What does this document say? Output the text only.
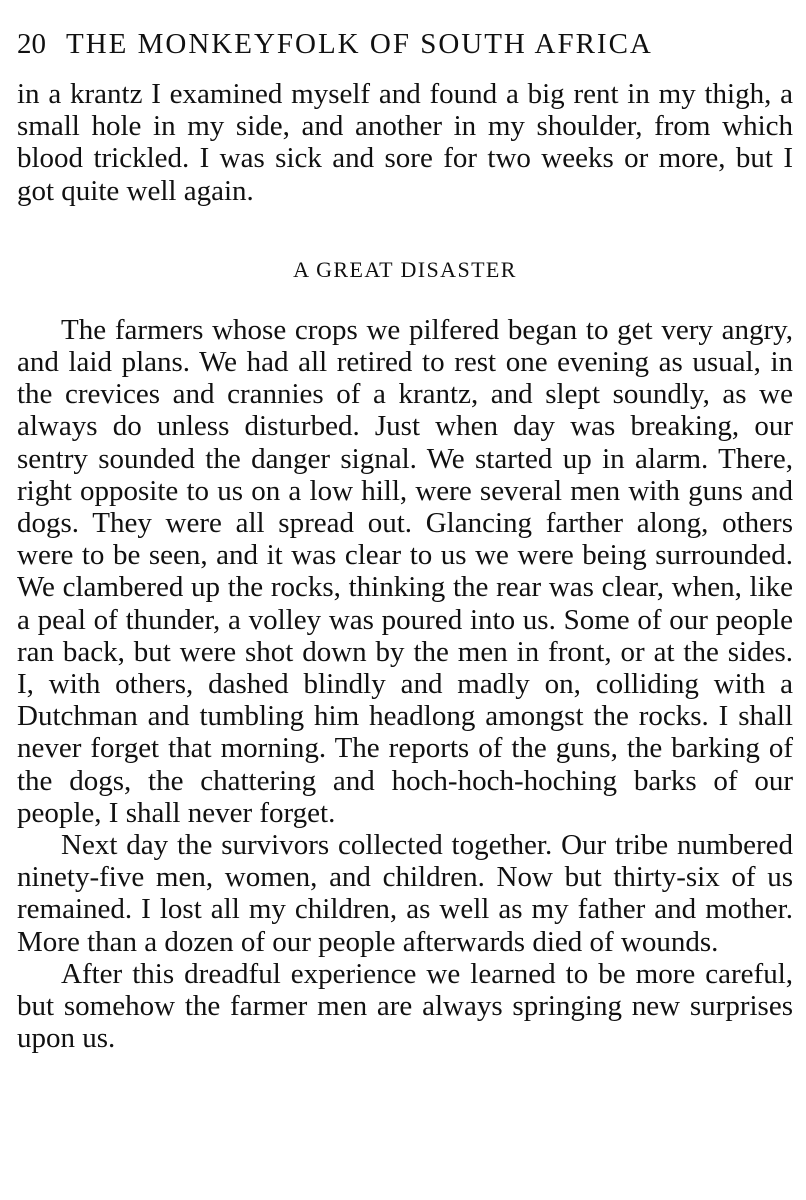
20 THE MONKEYFOLK OF SOUTH AFRICA

in a krantz I examined myself and found a big rent in my thigh, a small hole in my side, and another in my shoulder, from which blood trickled. I was sick and sore for two weeks or more, but I got quite well again.

A GREAT DISASTER

The farmers whose crops we pilfered began to get very angry, and laid plans. We had all retired to rest one evening as usual, in the crevices and crannies of a krantz, and slept soundly, as we always do unless disturbed. Just when day was breaking, our sentry sounded the danger signal. We started up in alarm. There, right opposite to us on a low hill, were several men with guns and dogs. They were all spread out. Glancing farther along, others were to be seen, and it was clear to us we were being surrounded. We clambered up the rocks, thinking the rear was clear, when, like a peal of thunder, a volley was poured into us. Some of our people ran back, but were shot down by the men in front, or at the sides. I, with others, dashed blindly and madly on, colliding with a Dutchman and tumbling him headlong amongst the rocks. I shall never forget that morning. The reports of the guns, the barking of the dogs, the chattering and hoch-hoch-hoching barks of our people, I shall never forget.

Next day the survivors collected together. Our tribe numbered ninety-five men, women, and children. Now but thirty-six of us remained. I lost all my children, as well as my father and mother. More than a dozen of our people afterwards died of wounds.

After this dreadful experience we learned to be more careful, but somehow the farmer men are always springing new surprises upon us.
